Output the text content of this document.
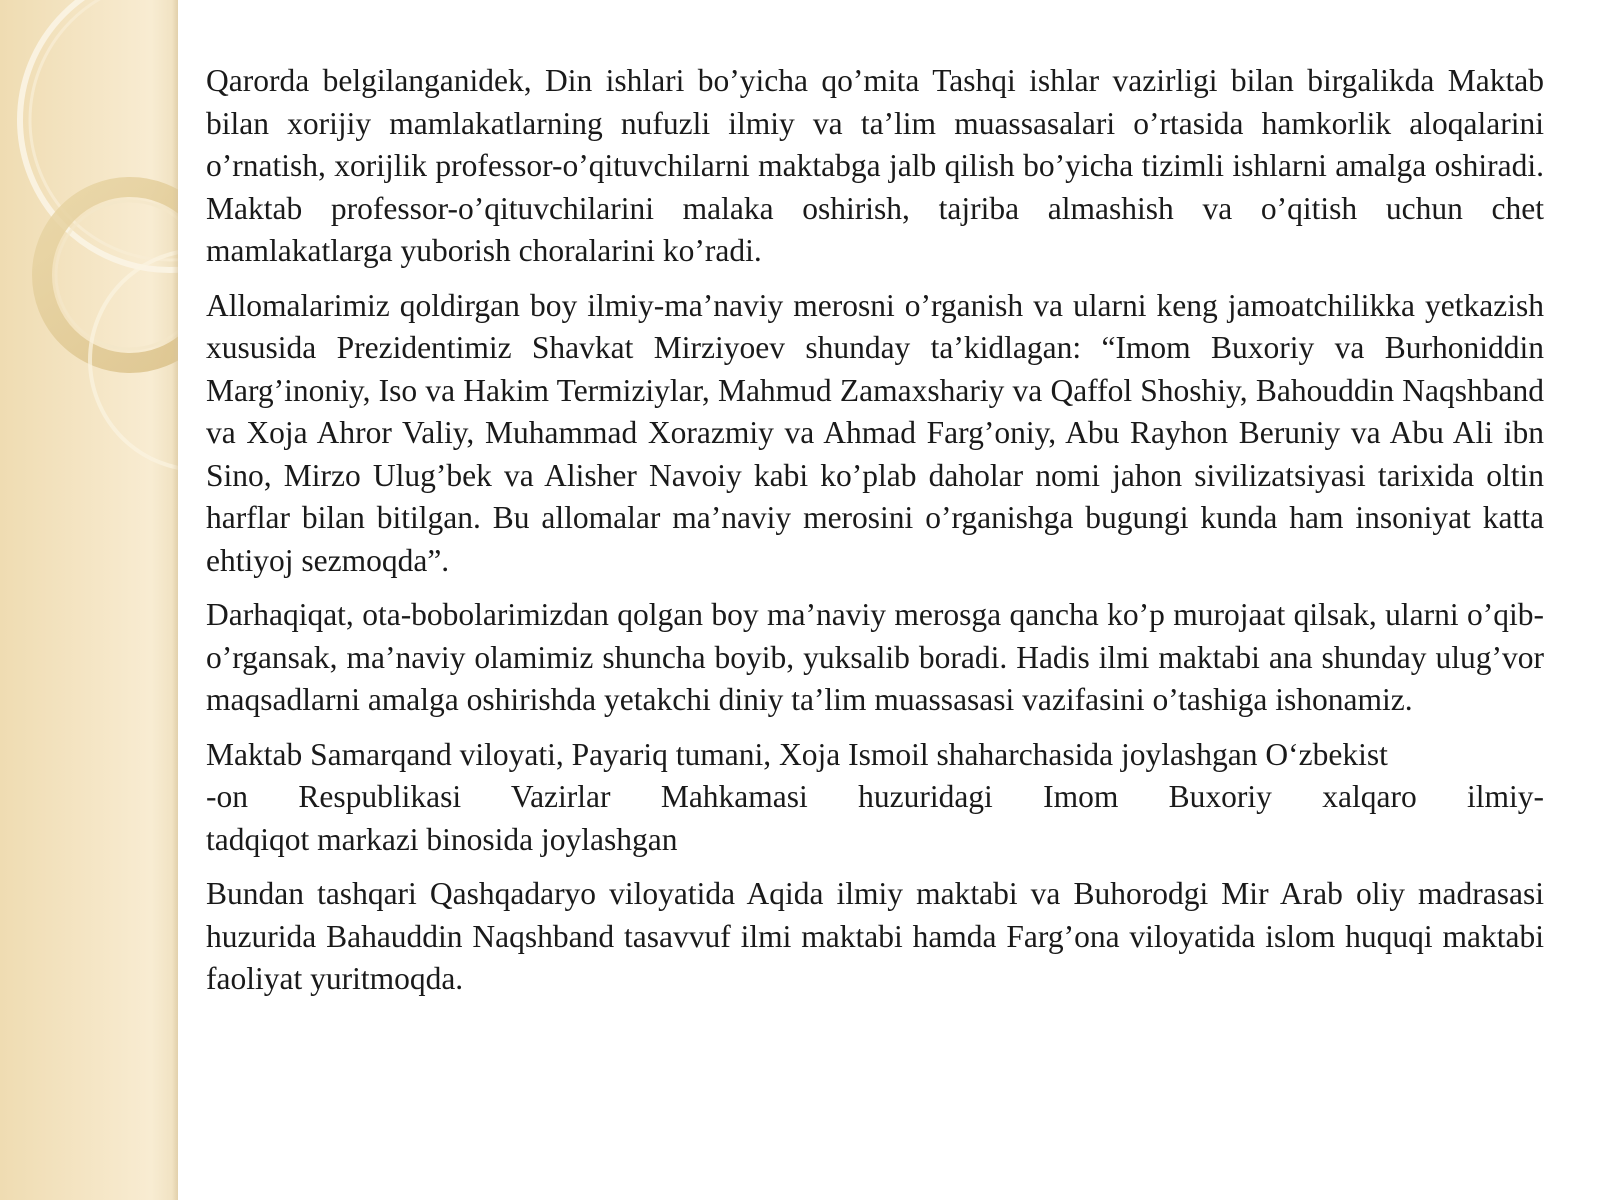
Qarorda belgilanganidek, Din ishlari bo’yicha qo’mita Tashqi ishlar vazirligi bilan birgalikda Maktab bilan xorijiy mamlakatlarning nufuzli ilmiy va ta’lim muassasalari o’rtasida hamkorlik aloqalarini o’rnatish, xorijlik professor-o’qituvchilarni maktabga jalb qilish bo’yicha tizimli ishlarni amalga oshiradi. Maktab professor-o’qituvchilarini malaka oshirish, tajriba almashish va o’qitish uchun chet mamlakatlarga yuborish choralarini ko’radi.

Allomalarimiz qoldirgan boy ilmiy-ma’naviy merosni o’rganish va ularni keng jamoatchilikka yetkazish xususida Prezidentimiz Shavkat Mirziyoev shunday ta’kidlagan: “Imom Buxoriy va Burhoniddin Marg’inoniy, Iso va Hakim Termiziylar, Mahmud Zamaxshariy va Qaffol Shoshiy, Bahouddin Naqshband va Xoja Ahror Valiy, Muhammad Xorazmiy va Ahmad Farg’oniy, Abu Rayhon Beruniy va Abu Ali ibn Sino, Mirzo Ulug’bek va Alisher Navoiy kabi ko’plab daholar nomi jahon sivilizatsiyasi tarixida oltin harflar bilan bitilgan. Bu allomalar ma’naviy merosini o’rganishga bugungi kunda ham insoniyat katta ehtiyoj sezmoqda”.

Darhaqiqat, ota-bobolarimizdan qolgan boy ma’naviy merosga qancha ko’p murojaat qilsak, ularni o’qib-o’rgansak, ma’naviy olamimiz shuncha boyib, yuksalib boradi. Hadis ilmi maktabi ana shunday ulug’vor maqsadlarni amalga oshirishda yetakchi diniy ta’lim muassasasi vazifasini o’tashiga ishonamiz.

Maktab Samarqand viloyati, Payariq tumani, Xoja Ismoil shaharchasida joylashgan O‘zbekist
-on Respublikasi Vazirlar Mahkamasi huzuridagi Imom Buxoriy xalqaro ilmiy-
tadqiqot markazi binosida joylashgan

Bundan tashqari Qashqadaryo viloyatida Aqida ilmiy maktabi va Buhorodgi Mir Arab oliy madrasasi huzurida Bahauddin Naqshband tasavvuf ilmi maktabi hamda Farg’ona viloyatida islom huquqi maktabi faoliyat yuritmoqda.
